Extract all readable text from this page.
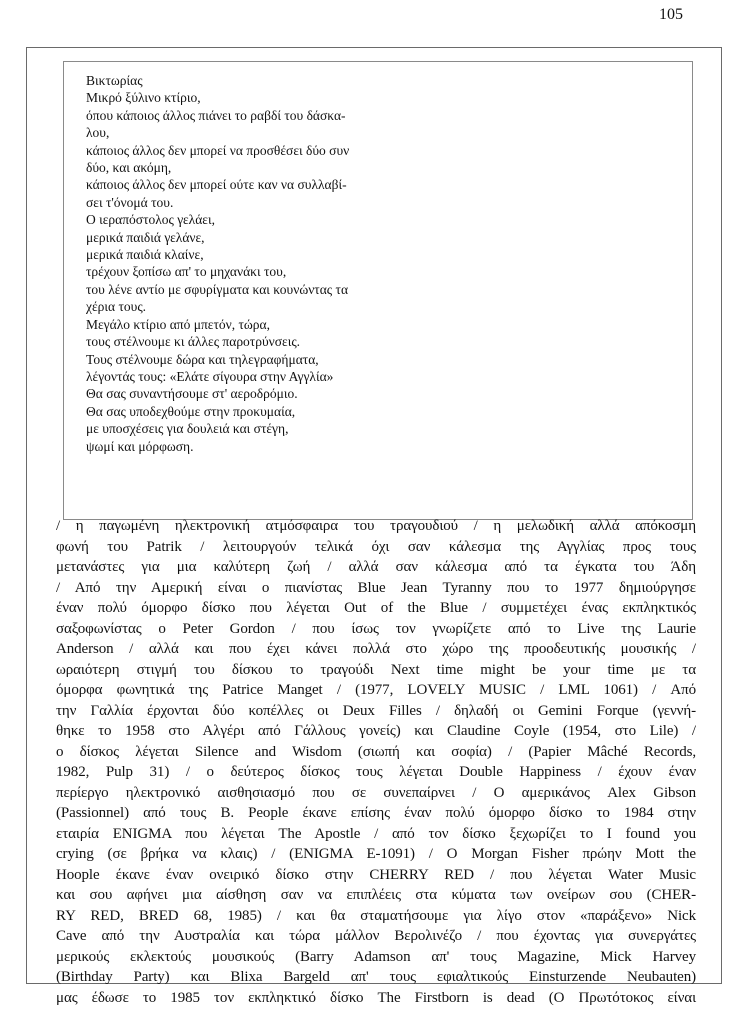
105
Βικτωρίας
Μικρό ξύλινο κτίριο,
όπου κάποιος άλλος πιάνει το ραβδί του δάσκα-
λου,
κάποιος άλλος δεν μπορεί να προσθέσει δύο συν
δύο, και ακόμη,
κάποιος άλλος δεν μπορεί ούτε καν να συλλαβί-
σει τ'όνομά του.
Ο ιεραπόστολος γελάει,
μερικά παιδιά γελάνε,
μερικά παιδιά κλαίνε,
τρέχουν ξοπίσω απ' το μηχανάκι του,
του λένε αντίο με σφυρίγματα και κουνώντας τα
χέρια τους.
Μεγάλο κτίριο από μπετόν, τώρα,
τους στέλνουμε κι άλλες παροτρύνσεις.
Τους στέλνουμε δώρα και τηλεγραφήματα,
λέγοντάς τους: «Ελάτε σίγουρα στην Αγγλία»
Θα σας συναντήσουμε στ' αεροδρόμιο.
Θα σας υποδεχθούμε στην προκυμαία,
με υποσχέσεις για δουλειά και στέγη,
ψωμί και μόρφωση.
/ η παγωμένη ηλεκτρονική ατμόσφαιρα του τραγουδιού / η μελωδική αλλά απόκοσμη
φωνή του Patrik / λειτουργούν τελικά όχι σαν κάλεσμα της Αγγλίας προς τους
μετανάστες για μια καλύτερη ζωή / αλλά σαν κάλεσμα από τα έγκατα του Άδη
/ Από την Αμερική είναι ο πιανίστας Blue Jean Tyranny που το 1977 δημιούργησε
έναν πολύ όμορφο δίσκο που λέγεται Out of the Blue / συμμετέχει ένας εκπληκτικός
σαξοφωνίστας ο Peter Gordon / που ίσως τον γνωρίζετε από το Live της Laurie
Anderson / αλλά και που έχει κάνει πολλά στο χώρο της προοδευτικής μουσικής /
ωραιότερη στιγμή του δίσκου το τραγούδι Next time might be your time με τα
όμορφα φωνητικά της Patrice Manget / (1977, LOVELY MUSIC / LML 1061) / Από
την Γαλλία έρχονται δύο κοπέλλες οι Deux Filles / δηλαδή οι Gemini Forque (γεννή-
θηκε το 1958 στο Αλγέρι από Γάλλους γονείς) και Claudine Coyle (1954, στο Lile) /
ο δίσκος λέγεται Silence and Wisdom (σιωπή και σοφία) / (Papier Mâché Records,
1982, Pulp 31) / ο δεύτερος δίσκος τους λέγεται Double Happiness / έχουν έναν
περίεργο ηλεκτρονικό αισθησιασμό που σε συνεπαίρνει / Ο αμερικάνος Alex Gibson
(Passionnel) από τους B. People έκανε επίσης έναν πολύ όμορφο δίσκο το 1984 στην
εταιρία ENIGMA που λέγεται The Apostle / από τον δίσκο ξεχωρίζει το I found you
crying (σε βρήκα να κλαις) / (ENIGMA E-1091) / Ο Morgan Fisher πρώην Mott the
Hoople έκανε έναν ονειρικό δίσκο στην CHERRY RED / που λέγεται Water Music
και σου αφήνει μια αίσθηση σαν να επιπλέεις στα κύματα των ονείρων σου (CHER-
RY RED, BRED 68, 1985) / και θα σταματήσουμε για λίγο στον «παράξενο» Nick
Cave από την Αυστραλία και τώρα μάλλον Βερολινέζο / που έχοντας για συνεργάτες
μερικούς εκλεκτούς μουσικούς (Barry Adamson απ' τους Magazine, Mick Harvey
(Birthday Party) και Blixa Bargeld απ' τους εφιαλτικούς Einsturzende Neubauten)
μας έδωσε το 1985 τον εκπληκτικό δίσκο The Firstborn is dead (Ο Πρωτότοκος είναι
